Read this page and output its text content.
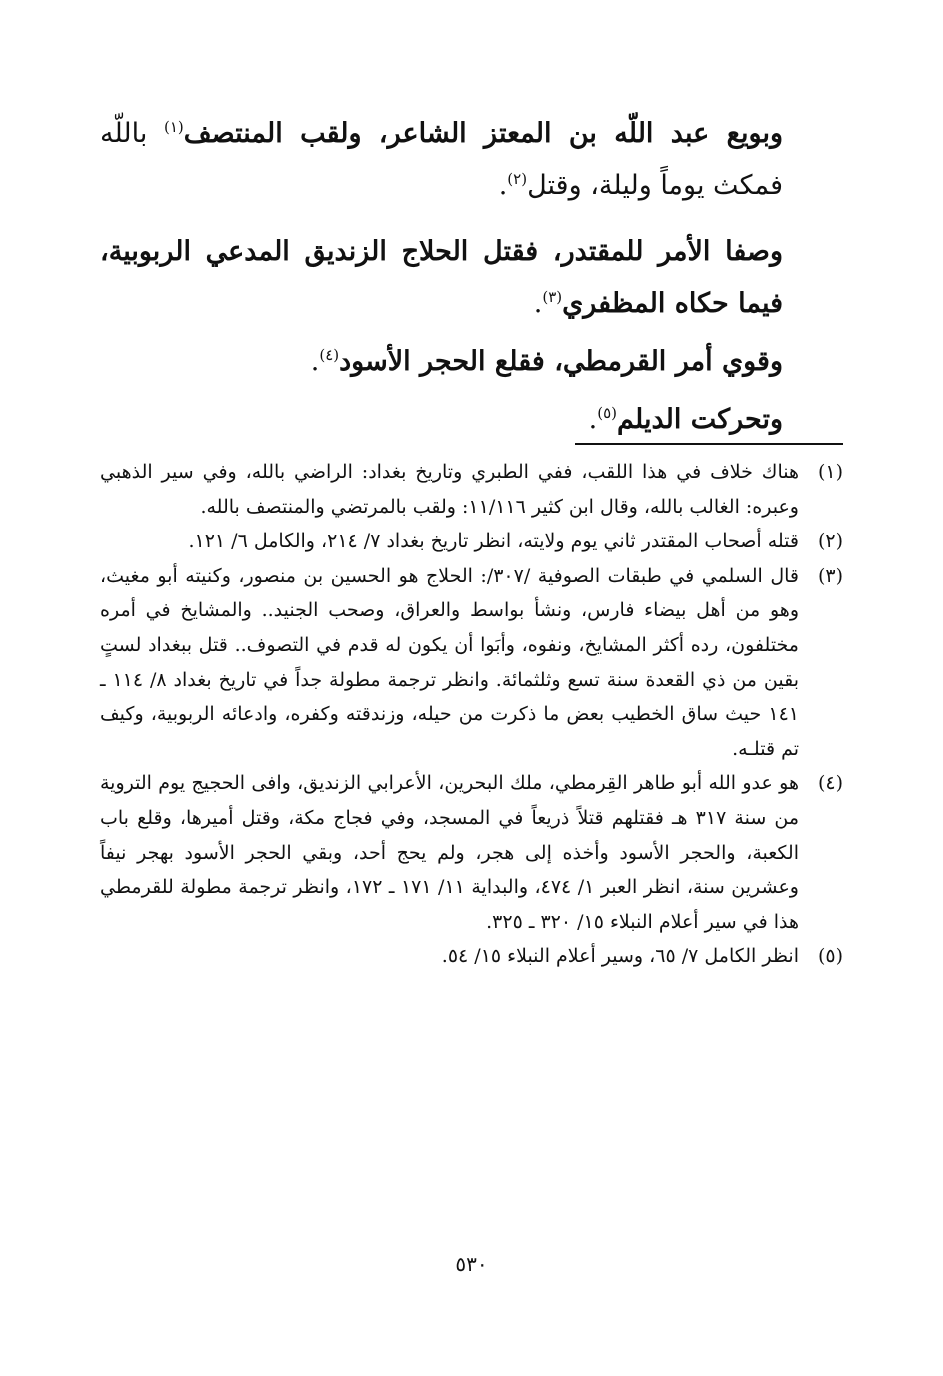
وبويع عبد اللّه بن المعتز الشاعر، ولقب المنتصف$^{(١)}$ باللّه فمكث يوماً وليلة، وقتل$^{(٢)}$.

وصفا الأمر للمقتدر، فقتل الحلاج الزنديق المدعي الربوبية، فيما حكاه المظفري$^{(٣)}$.

وقوي أمر القرمطي، فقلع الحجر الأسود$^{(٤)}$.

وتحركت الديلم$^{(٥)}$.

(١)
هناك خلاف في هذا اللقب، ففي الطبري وتاريخ بغداد: الراضي بالله، وفي سير الذهبي وعبره: الغالب بالله، وقال ابن كثير ١١/١١٦: ولقب بالمرتضي والمنتصف بالله.
(٢)
قتله أصحاب المقتدر ثاني يوم ولايته، انظر تاريخ بغداد ٧/ ٢١٤، والكامل ٦/ ١٢١.
(٣)
قال السلمي في طبقات الصوفية /٣٠٧/: الحلاج هو الحسين بن منصور، وكنيته أبو مغيث، وهو من أهل بيضاء فارس، ونشأ بواسط والعراق، وصحب الجنيد.. والمشايخ في أمره مختلفون، رده أكثر المشايخ، ونفوه، وأبَوا أن يكون له قدم في التصوف.. قتل ببغداد لستٍ بقين من ذي القعدة سنة تسع وثلثمائة. وانظر ترجمة مطولة جداً في تاريخ بغداد ٨/ ١١٤ ـ ١٤١ حيث ساق الخطيب بعض ما ذكرت من حيله، وزندقته وكفره، وادعائه الربوبية، وكيف تم قتلـه.
(٤)
هو عدو الله أبو طاهر القِرمطي، ملك البحرين، الأعرابي الزنديق، وافى الحجيج يوم التروية من سنة ٣١٧ هـ فقتلهم قتلاً ذريعاً في المسجد، وفي فجاج مكة، وقتل أميرها، وقلع باب الكعبة، والحجر الأسود وأخذه إلى هجر، ولم يحج أحد، وبقي الحجر الأسود بهجر نيفاً وعشرين سنة، انظر العبر ١/ ٤٧٤، والبداية ١١/ ١٧١ ـ ١٧٢، وانظر ترجمة مطولة للقرمطي هذا في سير أعلام النبلاء ١٥/ ٣٢٠ ـ ٣٢٥.
(٥)
انظر الكامل ٧/ ٦٥، وسير أعلام النبلاء ١٥/ ٥٤.
٥٣٠
